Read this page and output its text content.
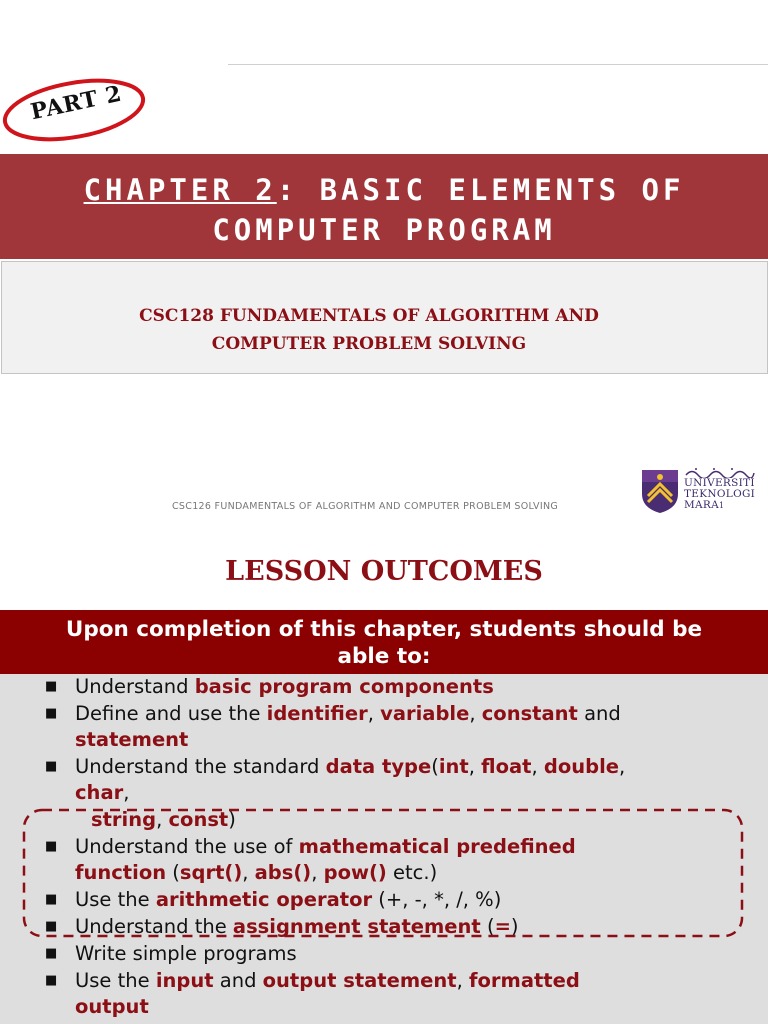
PART 2
CHAPTER 2: BASIC ELEMENTS OF
COMPUTER PROGRAM
CSC128 FUNDAMENTALS OF ALGORITHM AND
COMPUTER PROBLEM SOLVING
CSC126 FUNDAMENTALS OF ALGORITHM AND COMPUTER PROBLEM SOLVING
UNIVERSITI
TEKNOLOGI
MARA1
LESSON OUTCOMES
Upon completion of this chapter, students should be
able to:
■ Understand basic program components
■ Define and use the identifier, variable, constant and
statement
■ Understand the standard data type(int, float, double,
char,
string, const)
■ Understand the use of mathematical predefined
function (sqrt(), abs(), pow() etc.)
■ Use the arithmetic operator (+, -, *, /, %)
■ Understand the assignment statement (=)
■ Write simple programs
■ Use the input and output statement, formatted
output
